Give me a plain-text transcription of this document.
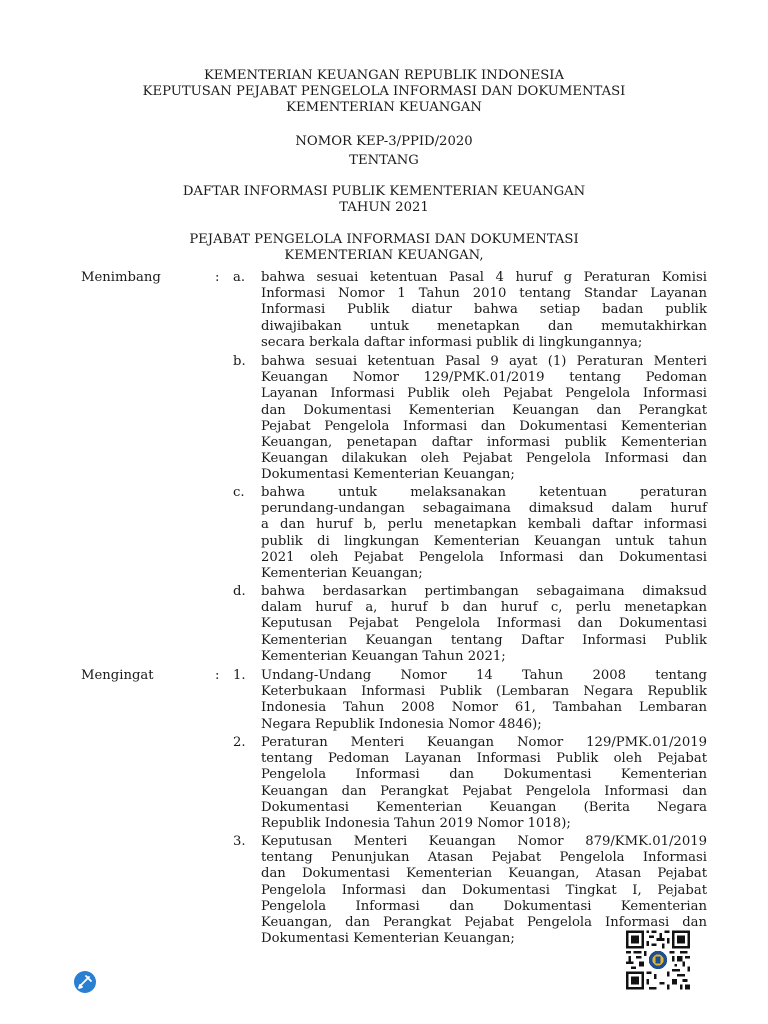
KEMENTERIAN KEUANGAN REPUBLIK INDONESIA
KEPUTUSAN PEJABAT PENGELOLA INFORMASI DAN DOKUMENTASI
KEMENTERIAN KEUANGAN
NOMOR KEP-3/PPID/2020
TENTANG
DAFTAR INFORMASI PUBLIK KEMENTERIAN KEUANGAN
TAHUN 2021
PEJABAT PENGELOLA INFORMASI DAN DOKUMENTASI
KEMENTERIAN KEUANGAN,
Menimbang	: a. bahwa sesuai ketentuan Pasal 4 huruf g Peraturan Komisi
Informasi Nomor 1 Tahun 2010 tentang Standar Layanan
Informasi Publik diatur bahwa setiap badan publik
diwajibakan untuk menetapkan dan memutakhirkan
secara berkala daftar informasi publik di lingkungannya;
b. bahwa sesuai ketentuan Pasal 9 ayat (1) Peraturan Menteri
Keuangan Nomor 129/PMK.01/2019 tentang Pedoman
Layanan Informasi Publik oleh Pejabat Pengelola Informasi
dan Dokumentasi Kementerian Keuangan dan Perangkat
Pejabat Pengelola Informasi dan Dokumentasi Kementerian
Keuangan, penetapan daftar informasi publik Kementerian
Keuangan dilakukan oleh Pejabat Pengelola Informasi dan
Dokumentasi Kementerian Keuangan;
c. bahwa untuk melaksanakan ketentuan peraturan
perundang-undangan sebagaimana dimaksud dalam huruf
a dan huruf b, perlu menetapkan kembali daftar informasi
publik di lingkungan Kementerian Keuangan untuk tahun
2021 oleh Pejabat Pengelola Informasi dan Dokumentasi
Kementerian Keuangan;
d. bahwa berdasarkan pertimbangan sebagaimana dimaksud
dalam huruf a, huruf b dan huruf c, perlu menetapkan
Keputusan Pejabat Pengelola Informasi dan Dokumentasi
Kementerian Keuangan tentang Daftar Informasi Publik
Kementerian Keuangan Tahun 2021;
Mengingat	: 1. Undang-Undang Nomor 14 Tahun 2008 tentang
Keterbukaan Informasi Publik (Lembaran Negara Republik
Indonesia Tahun 2008 Nomor 61, Tambahan Lembaran
Negara Republik Indonesia Nomor 4846);
2. Peraturan Menteri Keuangan Nomor 129/PMK.01/2019
tentang Pedoman Layanan Informasi Publik oleh Pejabat
Pengelola Informasi dan Dokumentasi Kementerian
Keuangan dan Perangkat Pejabat Pengelola Informasi dan
Dokumentasi Kementerian Keuangan (Berita Negara
Republik Indonesia Tahun 2019 Nomor 1018);
3. Keputusan Menteri Keuangan Nomor 879/KMK.01/2019
tentang Penunjukan Atasan Pejabat Pengelola Informasi
dan Dokumentasi Kementerian Keuangan, Atasan Pejabat
Pengelola Informasi dan Dokumentasi Tingkat I, Pejabat
Pengelola Informasi dan Dokumentasi Kementerian
Keuangan, dan Perangkat Pejabat Pengelola Informasi dan
Dokumentasi Kementerian Keuangan;
